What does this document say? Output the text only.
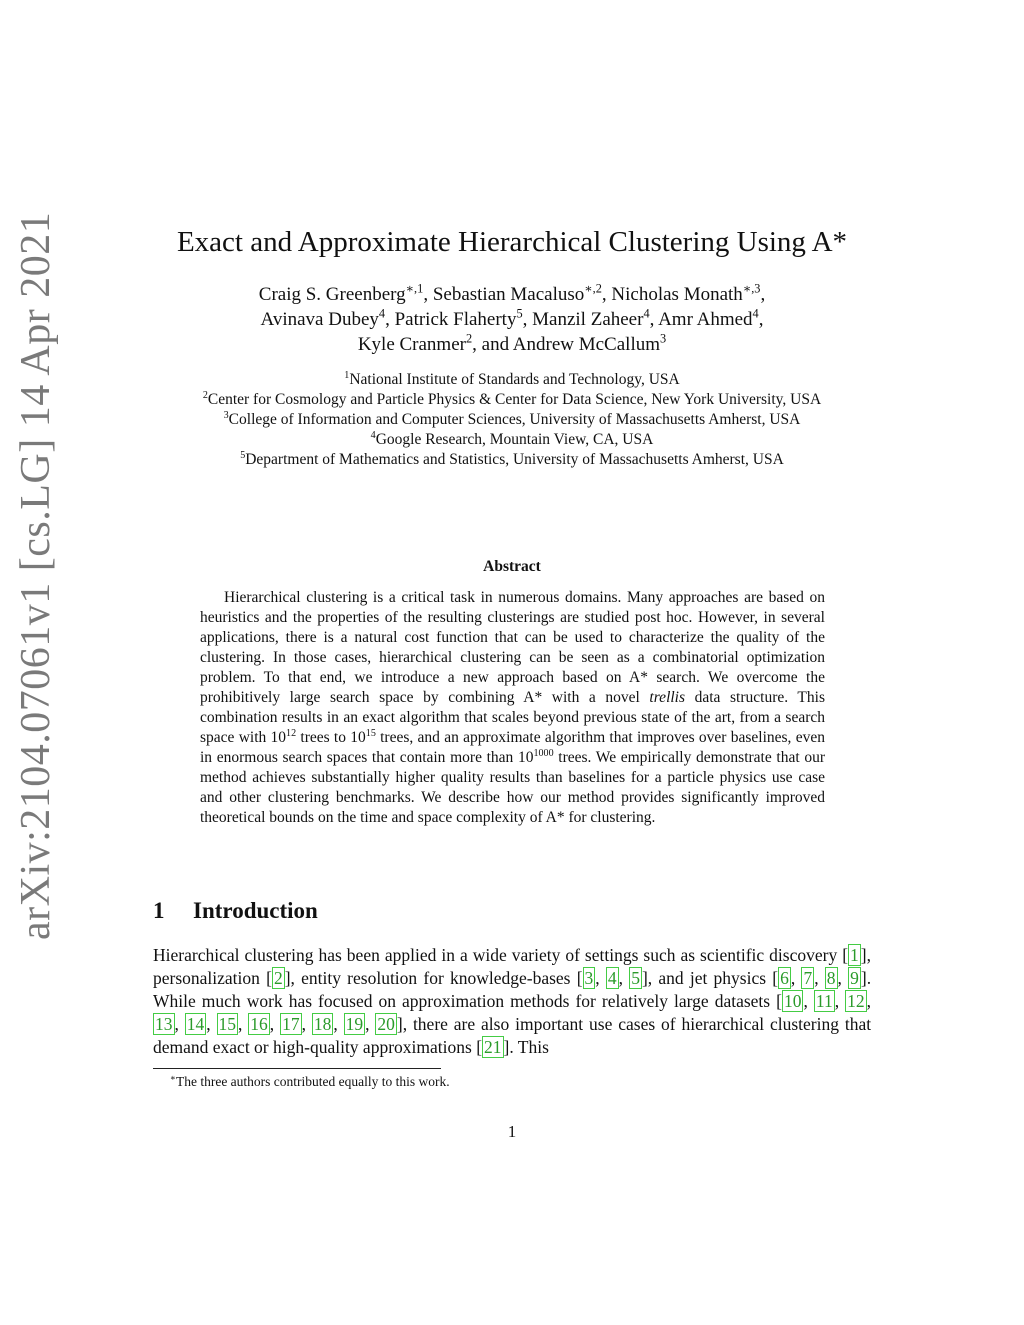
arXiv:2104.07061v1 [cs.LG] 14 Apr 2021	Exact and Approximate Hierarchical Clustering Using A*
Craig S. Greenberg$^{∗,1}$, Sebastian Macaluso$^{∗,2}$, Nicholas Monath$^{∗,3}$,
Avinava Dubey$^4$, Patrick Flaherty$^5$, Manzil Zaheer$^4$, Amr Ahmed$^4$,
Kyle Cranmer$^2$, and Andrew McCallum$^3$
$^1$National Institute of Standards and Technology, USA
$^2$Center for Cosmology and Particle Physics & Center for Data Science, New York University, USA
$^3$College of Information and Computer Sciences, University of Massachusetts Amherst, USA
$^4$Google Research, Mountain View, CA, USA
$^5$Department of Mathematics and Statistics, University of Massachusetts Amherst, USA
Abstract

Hierarchical clustering is a critical task in numerous domains. Many approaches are based on heuristics and the properties of the resulting clusterings are studied post hoc. However, in several applications, there is a natural cost function that can be used to characterize the quality of the clustering. In those cases, hierarchical clustering can be seen as a combinatorial optimization problem. To that end, we introduce a new approach based on A* search. We overcome the prohibitively large search space by combining A* with a novel trellis data structure. This combination results in an exact algorithm that scales beyond previous state of the art, from a search space with $10^{12}$ trees to $10^{15}$ trees, and an approximate algorithm that improves over baselines, even in enormous search spaces that contain more than $10^{1000}$ trees. We empirically demonstrate that our method achieves substantially higher quality results than baselines for a particle physics use case and other clustering benchmarks. We describe how our method provides significantly improved theoretical bounds on the time and space complexity of A* for clustering.

1 Introduction

Hierarchical clustering has been applied in a wide variety of settings such as scientific discovery [ 1 ], personalization [ 2 ], entity resolution for knowledge-bases [ 3 , 4 , 5 ], and jet physics [ 6 , 7 , 8 , 9 ]. While much work has focused on approximation methods for relatively large datasets [ 10 , 11 , 12 , 13 , 14 , 15 , 16 , 17 , 18 , 19 , 20 ], there are also important use cases of hierarchical clustering that demand exact or high-quality approximations [ 21 ]. This

∗The three authors contributed equally to this work.
1
